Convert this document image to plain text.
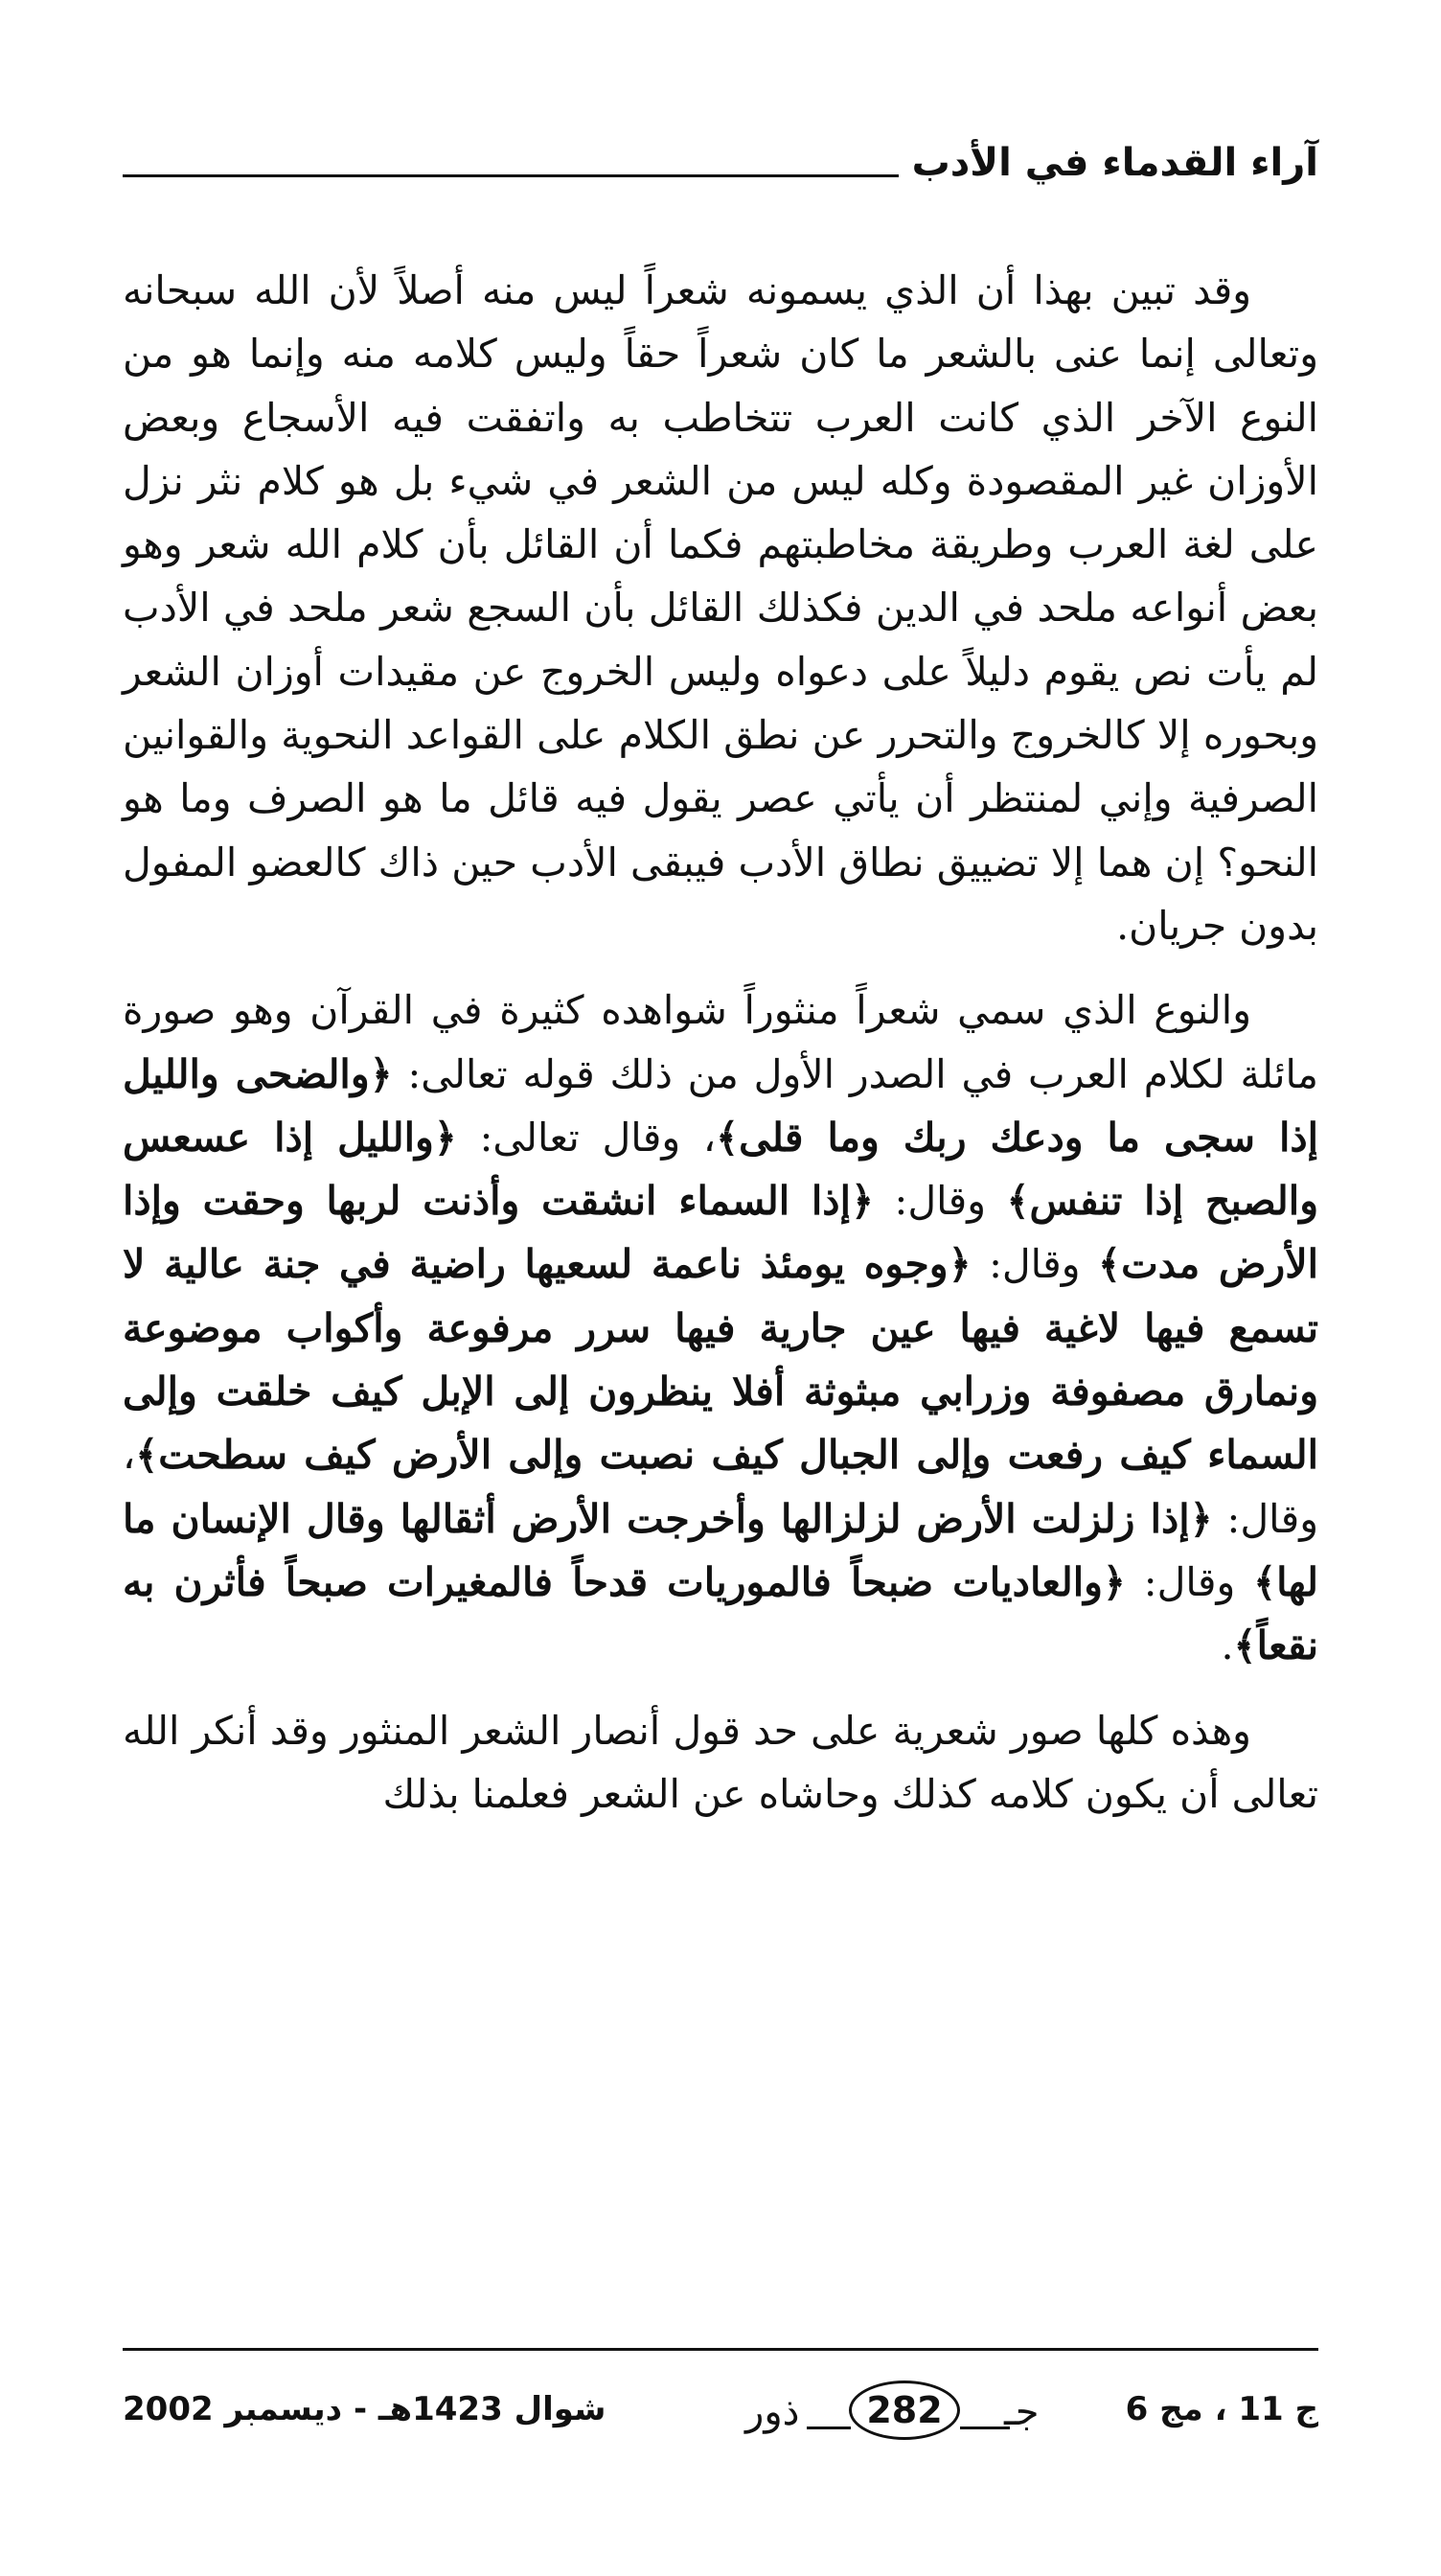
آراء القدماء في الأدب

وقد تبين بهذا أن الذي يسمونه شعراً ليس منه أصلاً لأن الله سبحانه وتعالى إنما عنى بالشعر ما كان شعراً حقاً وليس كلامه منه وإنما هو من النوع الآخر الذي كانت العرب تتخاطب به واتفقت فيه الأسجاع وبعض الأوزان غير المقصودة وكله ليس من الشعر في شيء بل هو كلام نثر نزل على لغة العرب وطريقة مخاطبتهم فكما أن القائل بأن كلام الله شعر وهو بعض أنواعه ملحد في الدين فكذلك القائل بأن السجع شعر ملحد في الأدب لم يأت نص يقوم دليلاً على دعواه وليس الخروج عن مقيدات أوزان الشعر وبحوره إلا كالخروج والتحرر عن نطق الكلام على القواعد النحوية والقوانين الصرفية وإني لمنتظر أن يأتي عصر يقول فيه قائل ما هو الصرف وما هو النحو؟ إن هما إلا تضييق نطاق الأدب فيبقى الأدب حين ذاك كالعضو المفول بدون جريان.

والنوع الذي سمي شعراً منثوراً شواهده كثيرة في القرآن وهو صورة مائلة لكلام العرب في الصدر الأول من ذلك قوله تعالى: ﴿والضحى والليل إذا سجى ما ودعك ربك وما قلى﴾، وقال تعالى: ﴿والليل إذا عسعس والصبح إذا تنفس﴾ وقال: ﴿إذا السماء انشقت وأذنت لربها وحقت وإذا الأرض مدت﴾ وقال: ﴿وجوه يومئذ ناعمة لسعيها راضية في جنة عالية لا تسمع فيها لاغية فيها عين جارية فيها سرر مرفوعة وأكواب موضوعة ونمارق مصفوفة وزرابي مبثوثة أفلا ينظرون إلى الإبل كيف خلقت وإلى السماء كيف رفعت وإلى الجبال كيف نصبت وإلى الأرض كيف سطحت﴾، وقال: ﴿إذا زلزلت الأرض لزلزالها وأخرجت الأرض أثقالها وقال الإنسان ما لها﴾ وقال: ﴿والعاديات ضبحاً فالموريات قدحاً فالمغيرات صبحاً فأثرن به نقعاً﴾.

وهذه كلها صور شعرية على حد قول أنصار الشعر المنثور وقد أنكر الله تعالى أن يكون كلامه كذلك وحاشاه عن الشعر فعلمنا بذلك

ج 11 ، مج 6
ذور	282	جـ
شوال 1423هـ - ديسمبر 2002
